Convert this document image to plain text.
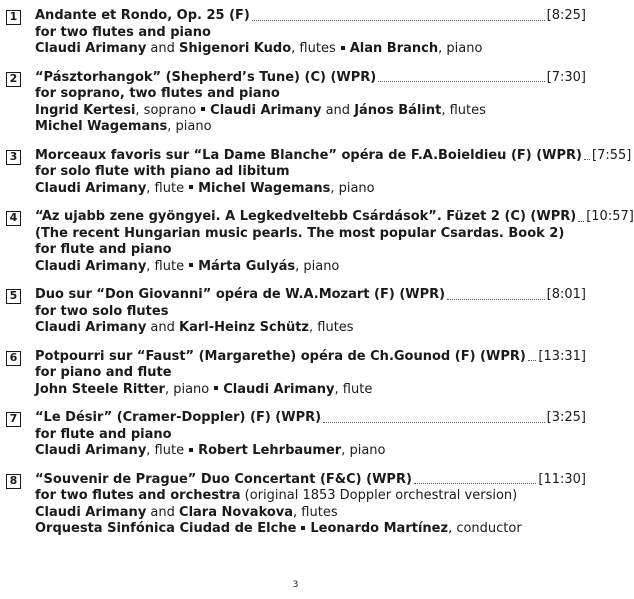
1 Andante et Rondo, Op. 25 (F)	[8:25]
for two flutes and piano
Claudi Arimany and Shigenori Kudo, flutes Alan Branch, piano
2 “Pásztorhangok” (Shepherd’s Tune) (C) (WPR)	[7:30]
for soprano, two flutes and piano
Ingrid Kertesi, soprano Claudi Arimany and János Bálint, flutes
Michel Wagemans, piano
3 Morceaux favoris sur “La Dame Blanche” opéra de F.A.Boieldieu (F) (WPR) [7:55]
for solo flute with piano ad libitum
Claudi Arimany, flute Michel Wagemans, piano
4 “Az ujabb zene gyöngyei. A Legkedveltebb Csárdások”. Füzet 2 (C) (WPR) [10:57]
(The recent Hungarian music pearls. The most popular Csardas. Book 2)
for flute and piano
Claudi Arimany, flute Márta Gulyás, piano
5 Duo sur “Don Giovanni” opéra de W.A.Mozart (F) (WPR)	[8:01]
for two solo flutes
Claudi Arimany and Karl-Heinz Schütz, flutes
6 Potpourri sur “Faust” (Margarethe) opéra de Ch.Gounod (F) (WPR) [13:31]
for piano and flute
John Steele Ritter, piano Claudi Arimany, flute
7 “Le Désir” (Cramer-Doppler) (F) (WPR)	[3:25]
for flute and piano
Claudi Arimany, flute Robert Lehrbaumer, piano
8 “Souvenir de Prague” Duo Concertant (F&C) (WPR)	[11:30]
for two flutes and orchestra (original 1853 Doppler orchestral version)
Claudi Arimany and Clara Novakova, flutes
Orquesta Sinfónica Ciudad de Elche Leonardo Martínez, conductor
3
